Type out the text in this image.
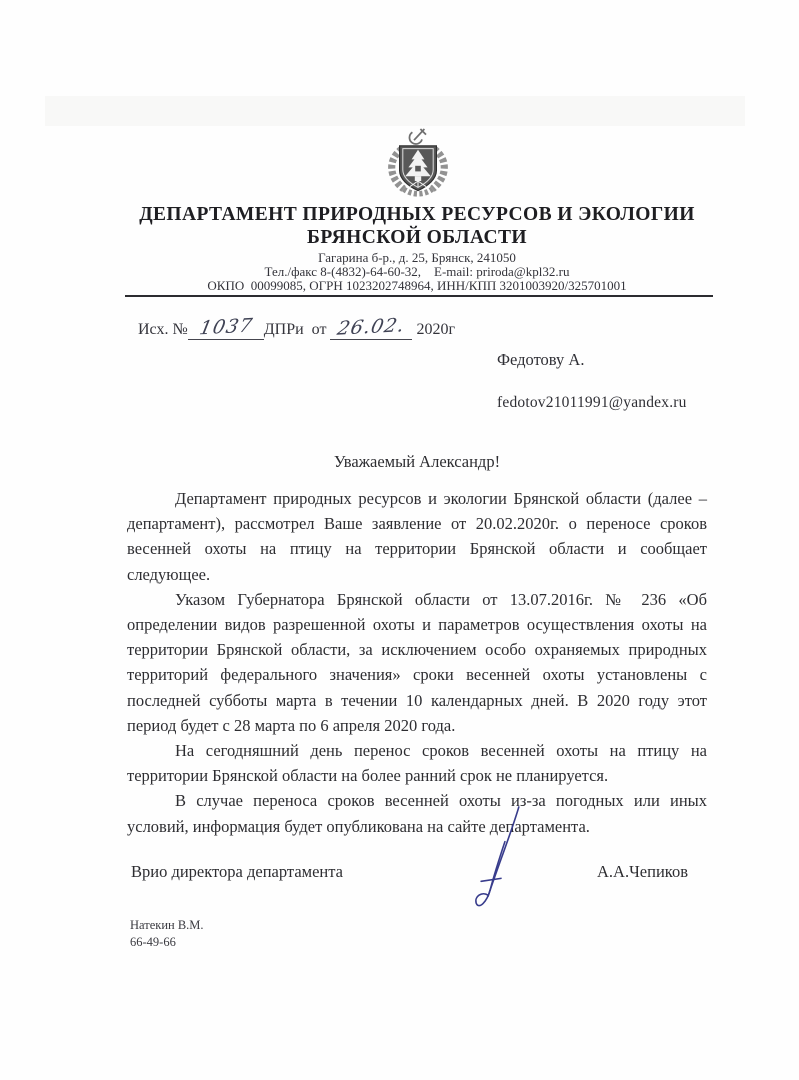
ДЕПАРТАМЕНТ ПРИРОДНЫХ РЕСУРСОВ И ЭКОЛОГИИ
БРЯНСКОЙ ОБЛАСТИ
Гагарина б-р., д. 25, Брянск, 241050
Тел./факс 8-(4832)-64-60-32,    E-mail: priroda@kpl32.ru
ОКПО  00099085, ОГРН 1023202748964, ИНН/КПП 3201003920/325701001
Исх. № 1037 ДПРи от 26.02. 2020г
Федотову А.
fedotov21011991@yandex.ru
Уважаемый Александр!

Департамент природных ресурсов и экологии Брянской области (далее – департамент), рассмотрел Ваше заявление от 20.02.2020г. о переносе сроков весенней охоты на птицу на территории Брянской области и сообщает следующее.

Указом Губернатора Брянской области от 13.07.2016г. № 236 «Об определении видов разрешенной охоты и параметров осуществления охоты на территории Брянской области, за исключением особо охраняемых природных территорий федерального значения» сроки весенней охоты установлены с последней субботы марта в течении 10 календарных дней. В 2020 году этот период будет с 28 марта по 6 апреля 2020 года.

На сегодняшний день перенос сроков весенней охоты на птицу на территории Брянской области на более ранний срок не планируется.

В случае переноса сроков весенней охоты из-за погодных или иных условий, информация будет опубликована на сайте департамента.

Врио директора департамента	А.А.Чепиков
Натекин В.М.
66-49-66
